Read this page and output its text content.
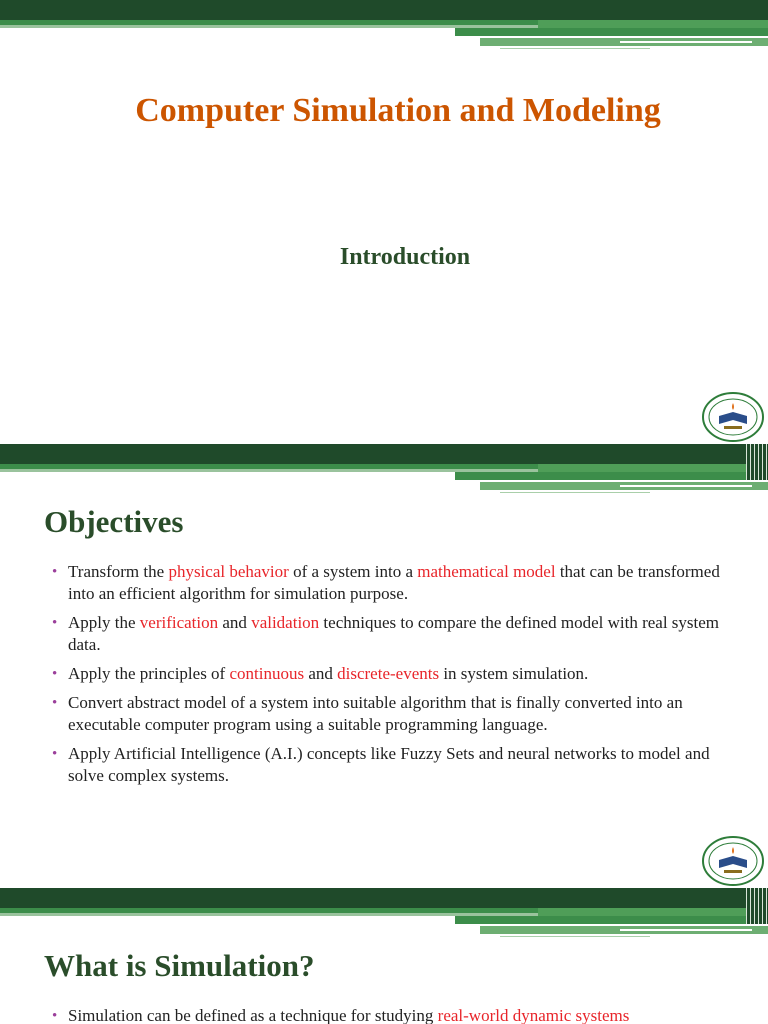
Computer Simulation and Modeling
Introduction
Objectives
• Transform the physical behavior of a system into a mathematical model that can be transformed into an efficient algorithm for simulation purpose.
• Apply the verification and validation techniques to compare the defined model with real system data.
• Apply the principles of continuous and discrete-events in system simulation.
• Convert abstract model of a system into suitable algorithm that is finally converted into an executable computer program using a suitable programming language.
• Apply Artificial Intelligence (A.I.) concepts like Fuzzy Sets and neural networks to model and solve complex systems.
What is Simulation?
• Simulation can be defined as a technique for studying real-world dynamic systems
